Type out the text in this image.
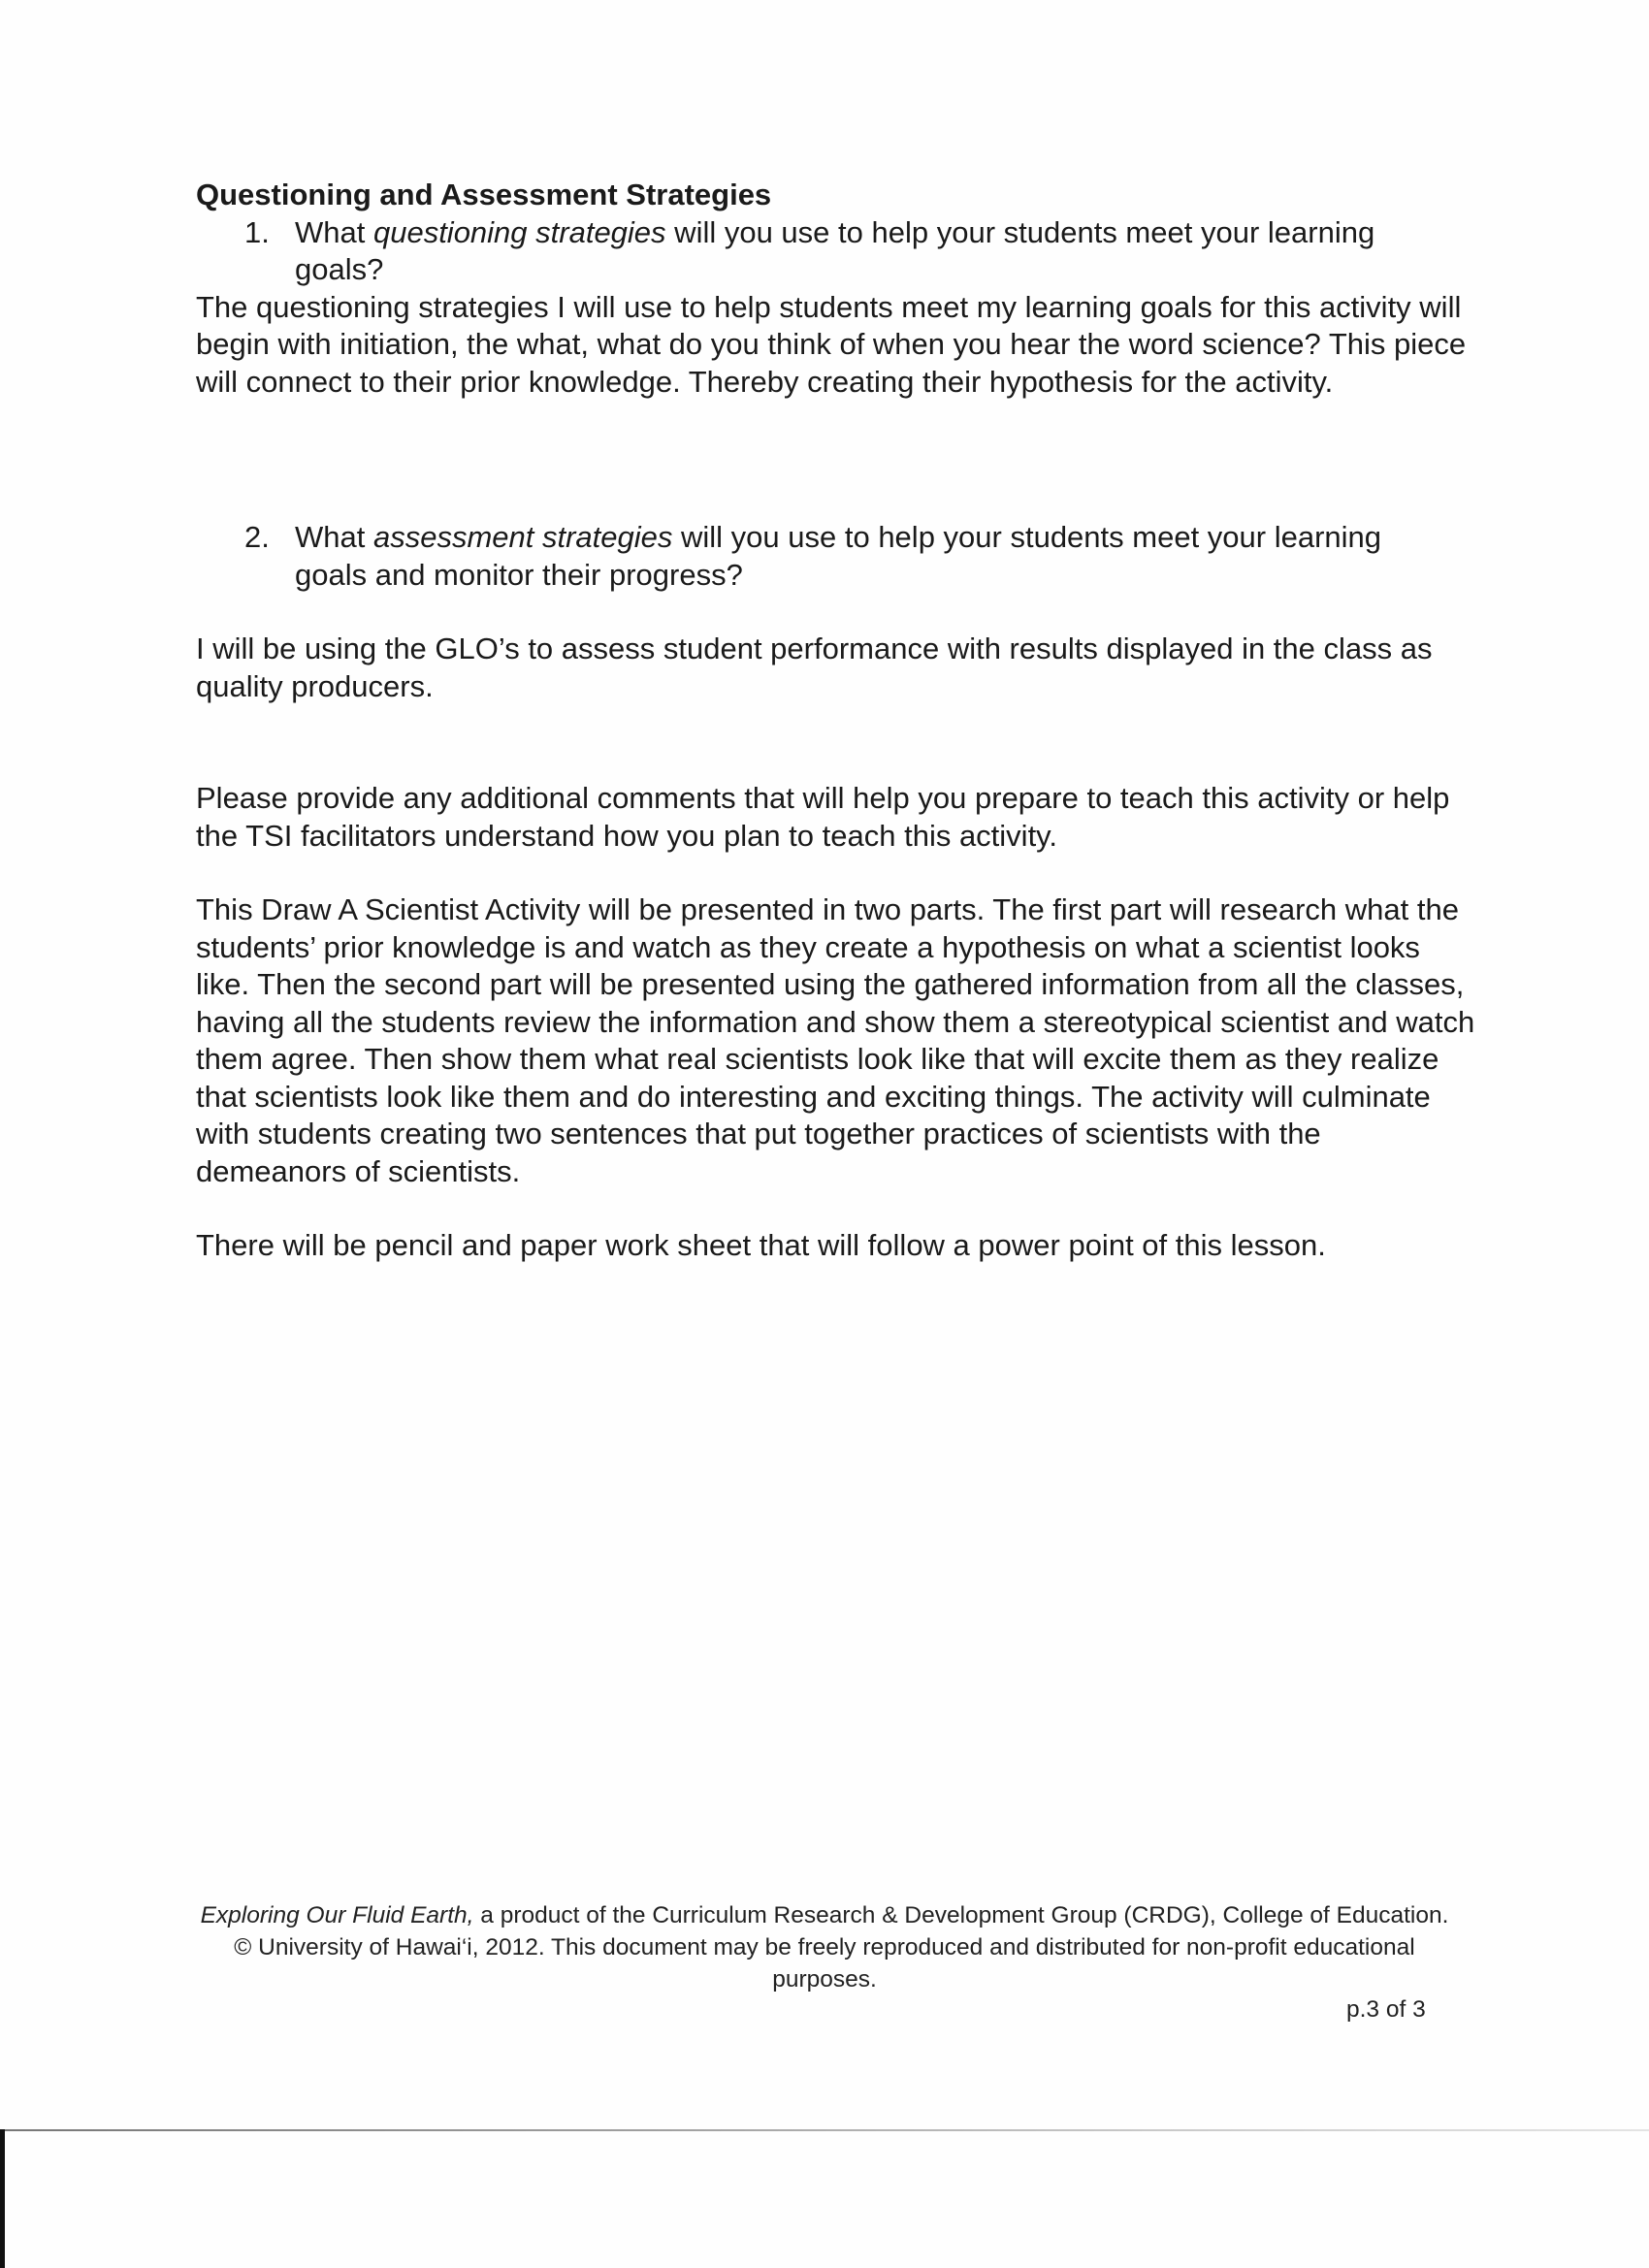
Questioning and Assessment Strategies

1. What questioning strategies will you use to help your students meet your learning goals?

The questioning strategies I will use to help students meet my learning goals for this activity will begin with initiation, the what, what do you think of when you hear the word science? This piece will connect to their prior knowledge. Thereby creating their hypothesis for the activity.

2. What assessment strategies will you use to help your students meet your learning goals and monitor their progress?

I will be using the GLO’s to assess student performance with results displayed in the class as quality producers.

Please provide any additional comments that will help you prepare to teach this activity or help the TSI facilitators understand how you plan to teach this activity.

This Draw A Scientist Activity will be presented in two parts. The first part will research what the students’ prior knowledge is and watch as they create a hypothesis on what a scientist looks like. Then the second part will be presented using the gathered information from all the classes, having all the students review the information and show them a stereotypical scientist and watch them agree. Then show them what real scientists look like that will excite them as they realize that scientists look like them and do interesting and exciting things. The activity will culminate with students creating two sentences that put together practices of scientists with the demeanors of scientists.

There will be pencil and paper work sheet that will follow a power point of this lesson.

Exploring Our Fluid Earth, a product of the Curriculum Research & Development Group (CRDG), College of Education. © University of Hawai‘i, 2012. This document may be freely reproduced and distributed for non-profit educational purposes.
p.3 of 3
